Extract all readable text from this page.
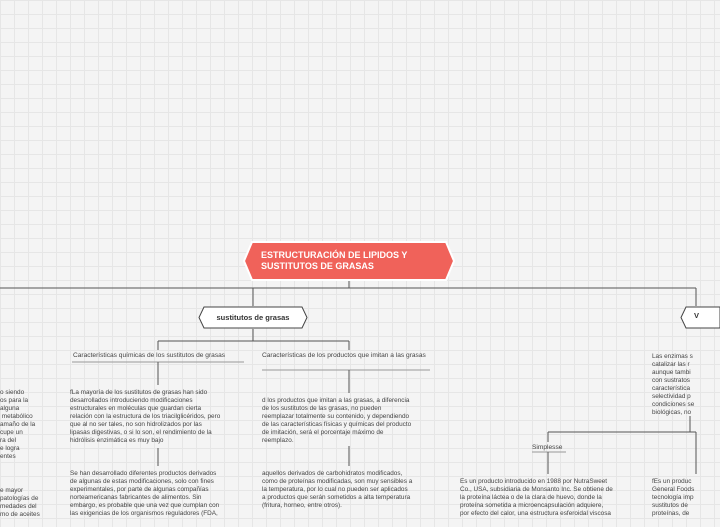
ESTRUCTURACIÓN DE LIPIDOS Y SUSTITUTOS DE GRASAS
sustitutos de grasas	V
Características químicas de los sustitutos de grasas	Características de los productos que imitan a las grasas
Simplesse
o siendo
os para la
alguna
metabólico
amaño de la
cupe un
ra del
e logra
entes
e mayor
patologías de
medades del
mo de aceites

fLa mayoría de los sustitutos de grasas han sido
desarrollados introduciendo modificaciones
estructurales en moléculas que guardan cierta
relación con la estructura de los triacilglicéridos, pero
que al no ser tales, no son hidrolizados por las
lipasas digestivas, o si lo son, el rendimiento de la
hidrólisis enzimática es muy bajo
Se han desarrollado diferentes productos derivados
de algunas de estas modificaciones, solo con fines
experimentales, por parte de algunas compañías
norteamericanas fabricantes de alimentos. Sin
embargo, es probable que una vez que cumplan con
las exigencias de los organismos reguladores (FDA,

d los productos que imitan a las grasas, a diferencia
de los sustitutos de las grasas, no pueden
reemplazar totalmente su contenido, y dependiendo
de las características físicas y químicas del producto
de imitación, será el porcentaje máximo de
reemplazo.
aquellos derivados de carbohidratos modificados,
como de proteínas modificadas, son muy sensibles a
la temperatura, por lo cual no pueden ser aplicados
a productos que serán sometidos a alta temperatura
(fritura, horneo, entre otros).
Es un producto introducido en 1988 por NutraSweet
Co., USA, subsidiaria de Monsanto Inc. Se obtiene de
la proteína láctea o de la clara de huevo, donde la
proteína sometida a microencapsulación adquiere,
por efecto del calor, una estructura esferoidal viscosa

Las enzimas s
catalizar las r
aunque tambi
con sustratos
característica
selectividad p
condiciones se
biológicas, no
fEs un produc
General Foods
tecnología imp
sustitutos de
proteínas, de
